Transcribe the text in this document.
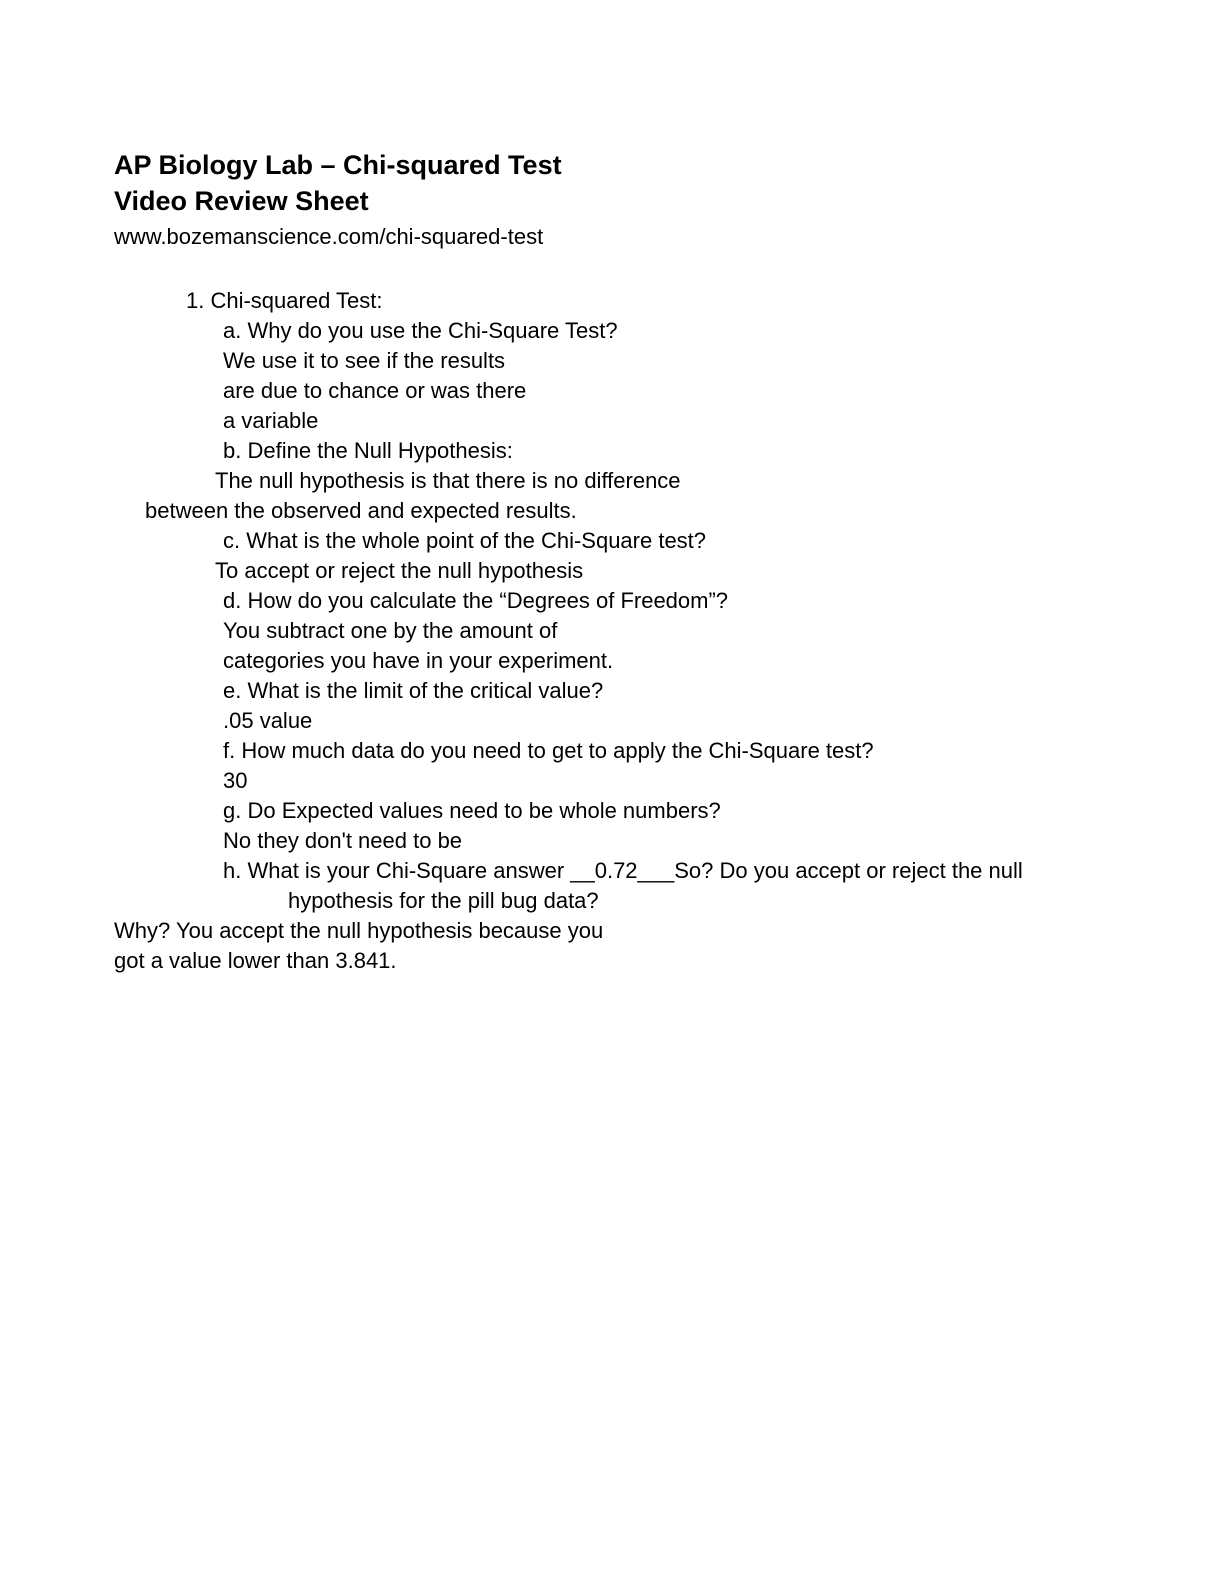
AP Biology Lab – Chi-squared Test
Video Review Sheet
www.bozemanscience.com/chi-squared-test
1. Chi-squared Test:
a. Why do you use the Chi-Square Test?
We use it to see if the results
are due to chance or was there
a variable
b. Define the Null Hypothesis:
The null hypothesis is that there is no difference
between the observed and expected results.
c. What is the whole point of the Chi-Square test?
To accept or reject the null hypothesis
d. How do you calculate the “Degrees of Freedom”?
You subtract one by the amount of
categories you have in your experiment.
e. What is the limit of the critical value?
.05 value
f. How much data do you need to get to apply the Chi-Square test?
30
g. Do Expected values need to be whole numbers?
No they don't need to be
h. What is your Chi-Square answer __0.72___So? Do you accept or reject the null
hypothesis for the pill bug data?
Why? You accept the null hypothesis because you
got a value lower than 3.841.
